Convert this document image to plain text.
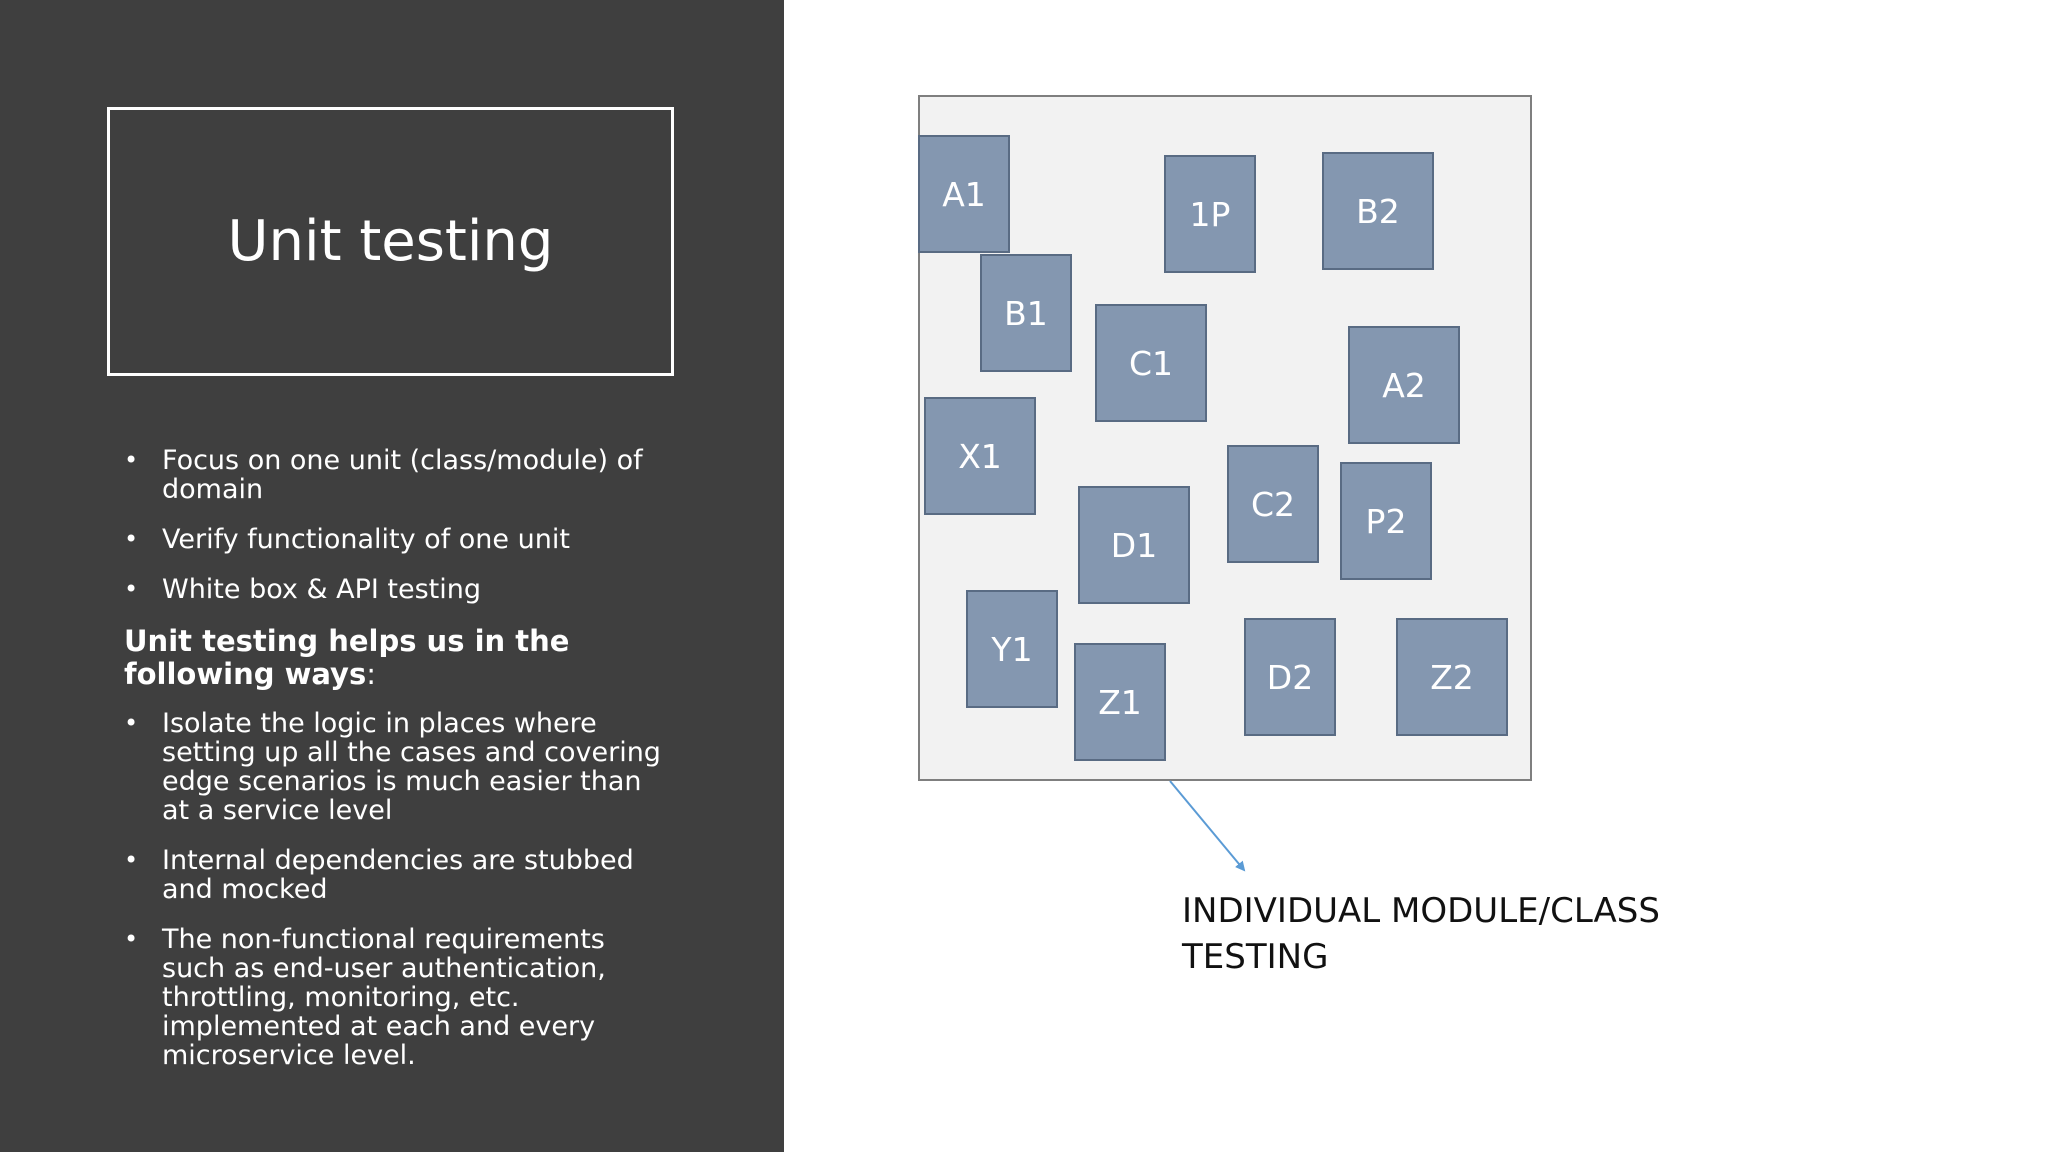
Unit testing
• Focus on one unit (class/module) of domain
• Verify functionality of one unit
• White box & API testing

Unit testing helps us in the following ways:

• Isolate the logic in places where setting up all the cases and covering edge scenarios is much easier than at a service level
• Internal dependencies are stubbed and mocked
• The non-functional requirements such as end-user authentication, throttling, monitoring, etc. implemented at each and every microservice level.
A1
B1
1P	B2
C1
A2
X1
C2	P2
D1
Y1
Z1
D2	Z2
INDIVIDUAL MODULE/CLASS
TESTING
